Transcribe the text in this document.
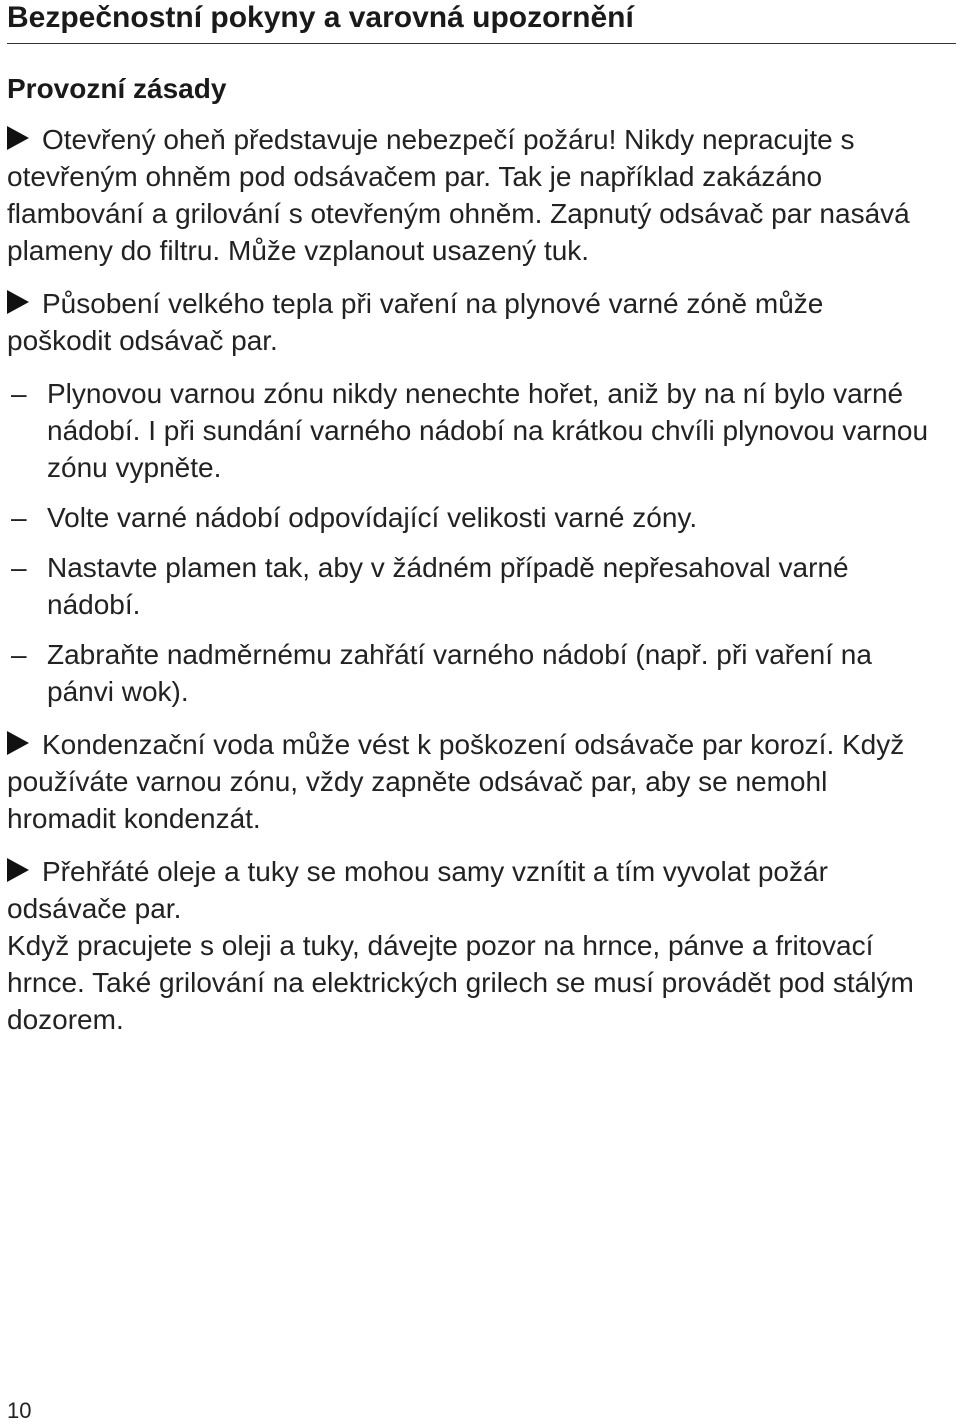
Bezpečnostní pokyny a varovná upozornění
Provozní zásady

Otevřený oheň představuje nebezpečí požáru! Nikdy nepracujte s otevřeným ohněm pod odsávačem par. Tak je například zakázáno flambování a grilování s otevřeným ohněm. Zapnutý odsávač par nasává plameny do filtru. Může vzplanout usazený tuk.

Působení velkého tepla při vaření na plynové varné zóně může poškodit odsávač par.

– Plynovou varnou zónu nikdy nenechte hořet, aniž by na ní bylo varné nádobí. I při sundání varného nádobí na krátkou chvíli plynovou varnou zónu vypněte.
– Volte varné nádobí odpovídající velikosti varné zóny.
– Nastavte plamen tak, aby v žádném případě nepřesahoval varné nádobí.
– Zabraňte nadměrnému zahřátí varného nádobí (např. při vaření na pánvi wok).

Kondenzační voda může vést k poškození odsávače par korozí. Když používáte varnou zónu, vždy zapněte odsávač par, aby se nemohl hromadit kondenzát.

Přehřáté oleje a tuky se mohou samy vznítit a tím vyvolat požár odsávače par.

Když pracujete s oleji a tuky, dávejte pozor na hrnce, pánve a fritovací hrnce. Také grilování na elektrických grilech se musí provádět pod stálým dozorem.

10
